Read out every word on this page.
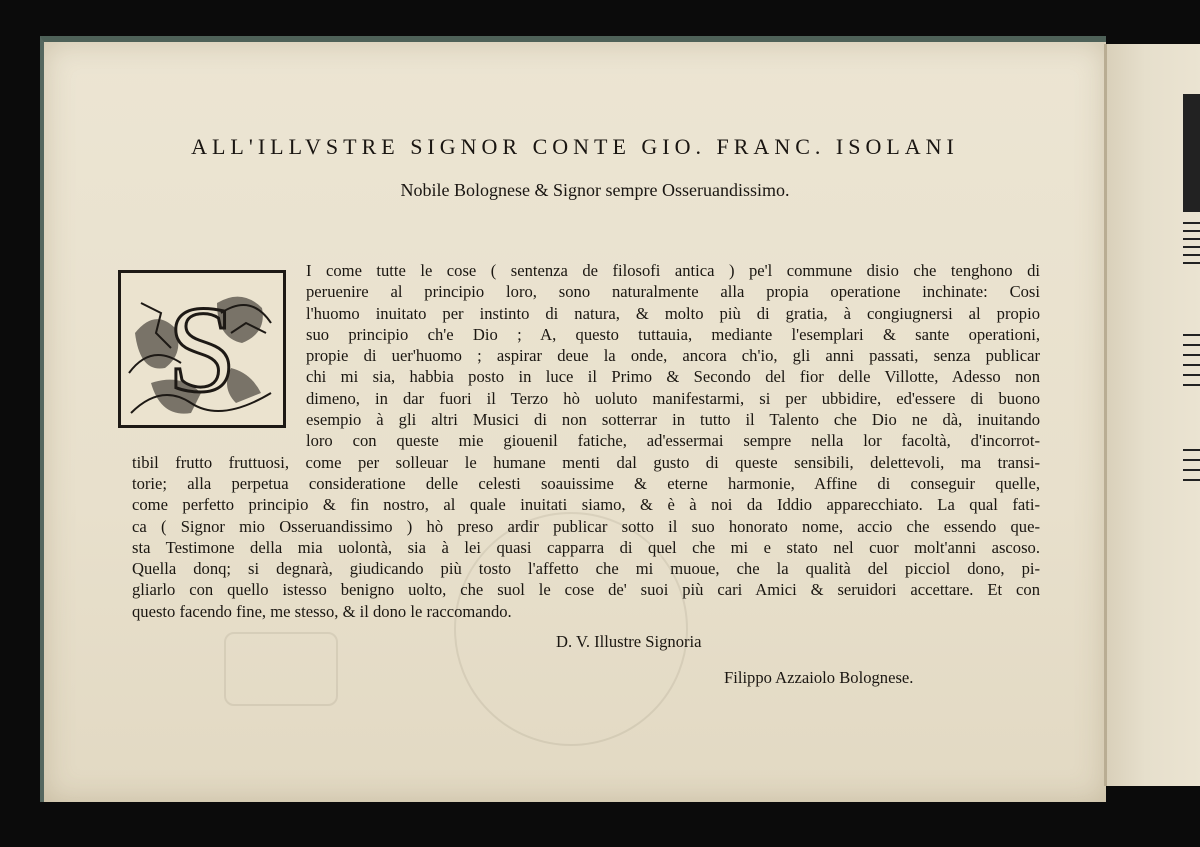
ALL'ILLVSTRE SIGNOR CONTE GIO. FRANC. ISOLANI
Nobile Bolognese & Signor sempre Osseruandissimo.
S
I come tutte le cose ( sentenza de filosofi antica ) pe'l commune disio che tenghono di
peruenire al principio loro, sono naturalmente alla propia operatione inchinate: Cosi
l'huomo inuitato per instinto di natura, & molto più di gratia, à congiugnersi al propio
suo principio ch'e Dio ; A, questo tuttauia, mediante l'esemplari & sante operationi,
propie di uer'huomo ; aspirar deue la onde, ancora ch'io, gli anni passati, senza publicar
chi mi sia, habbia posto in luce il Primo & Secondo del fior delle Villotte, Adesso non
dimeno, in dar fuori il Terzo hò uoluto manifestarmi, si per ubbidire, ed'essere di buono
esempio à gli altri Musici di non sotterrar in tutto il Talento che Dio ne dà, inuitando
loro con queste mie giouenil fatiche, ad'essermai sempre nella lor facoltà, d'incorrot-
tibil frutto fruttuosi, come per solleuar le humane menti dal gusto di queste sensibili, delettevoli, ma transi-
torie; alla perpetua consideratione delle celesti soauissime & eterne harmonie, Affine di conseguir quelle,
come perfetto principio & fin nostro, al quale inuitati siamo, & è à noi da Iddio apparecchiato. La qual fati-
ca ( Signor mio Osseruandissimo ) hò preso ardir publicar sotto il suo honorato nome, accio che essendo que-
sta Testimone della mia uolontà, sia à lei quasi capparra di quel che mi e stato nel cuor molt'anni ascoso.
Quella donq; si degnarà, giudicando più tosto l'affetto che mi muoue, che la qualità del picciol dono, pi-
gliarlo con quello istesso benigno uolto, che suol le cose de' suoi più cari Amici & seruidori accettare. Et con
questo facendo fine, me stesso, & il dono le raccomando.
D. V. Illustre Signoria
Filippo Azzaiolo Bolognese.
